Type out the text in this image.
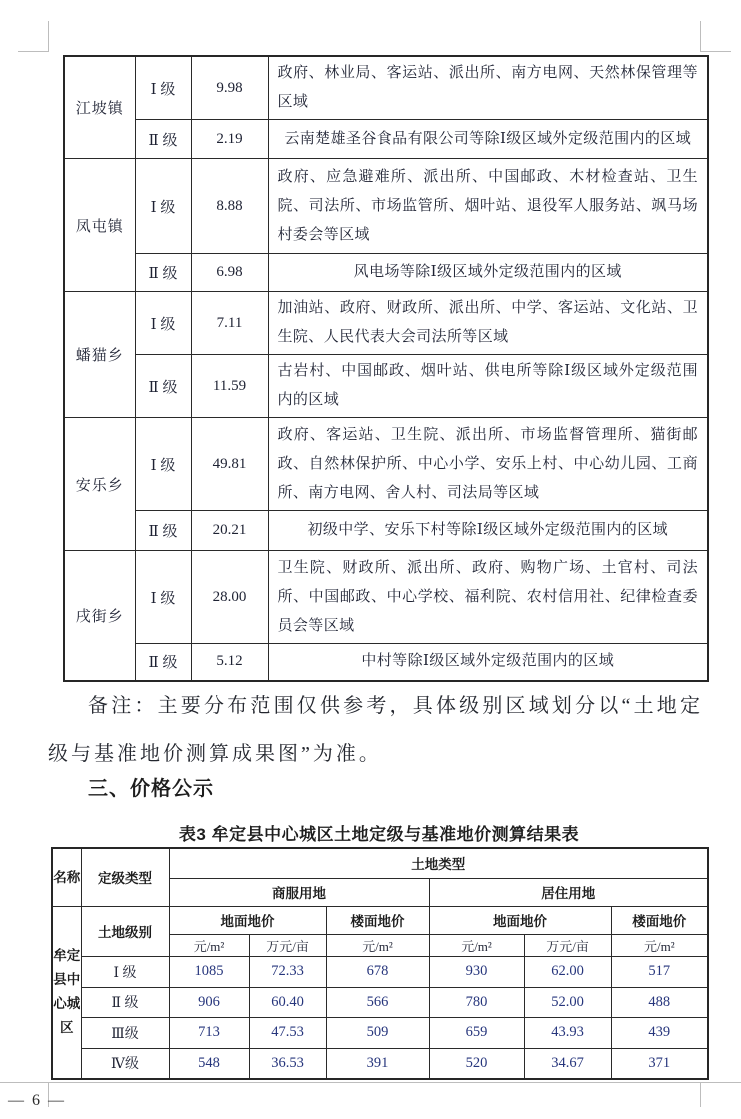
江坡镇	Ⅰ 级	9.98	政府、林业局、客运站、派出所、南方电网、天然林保管理等区域
	Ⅱ 级	2.19	云南楚雄圣谷食品有限公司等除Ⅰ级区域外定级范围内的区域
凤屯镇	Ⅰ 级	8.88	政府、应急避难所、派出所、中国邮政、木材检查站、卫生院、司法所、市场监管所、烟叶站、退役军人服务站、飒马场村委会等区域
	Ⅱ 级	6.98	风电场等除Ⅰ级区域外定级范围内的区域
蟠猫乡	Ⅰ 级	7.11	加油站、政府、财政所、派出所、中学、客运站、文化站、卫生院、人民代表大会司法所等区域
	Ⅱ 级	11.59	古岩村、中国邮政、烟叶站、供电所等除Ⅰ级区域外定级范围内的区域
安乐乡	Ⅰ 级	49.81	政府、客运站、卫生院、派出所、市场监督管理所、猫街邮政、自然林保护所、中心小学、安乐上村、中心幼儿园、工商所、南方电网、舍人村、司法局等区域
	Ⅱ 级	20.21	初级中学、安乐下村等除Ⅰ级区域外定级范围内的区域
戌街乡	Ⅰ 级	28.00	卫生院、财政所、派出所、政府、购物广场、土官村、司法所、中国邮政、中心学校、福利院、农村信用社、纪律检查委员会等区域
	Ⅱ 级	5.12	中村等除Ⅰ级区域外定级范围内的区域
备注：主要分布范围仅供参考，具体级别区域划分以“土地定级与基准地价测算成果图”为准。
三、价格公示
表3 牟定县中心城区土地定级与基准地价测算结果表
名称	定级类型	土地类型					
		商服用地			居住用地		
牟定县中心城区	土地级别	地面地价		楼面地价	地面地价		楼面地价
		元/m²	万元/亩	元/m²	元/m²	万元/亩	元/m²
	Ⅰ 级	1085	72.33	678	930	62.00	517
	Ⅱ 级	906	60.40	566	780	52.00	488
	Ⅲ级	713	47.53	509	659	43.93	439
	Ⅳ级	548	36.53	391	520	34.67	371
— 6 —
